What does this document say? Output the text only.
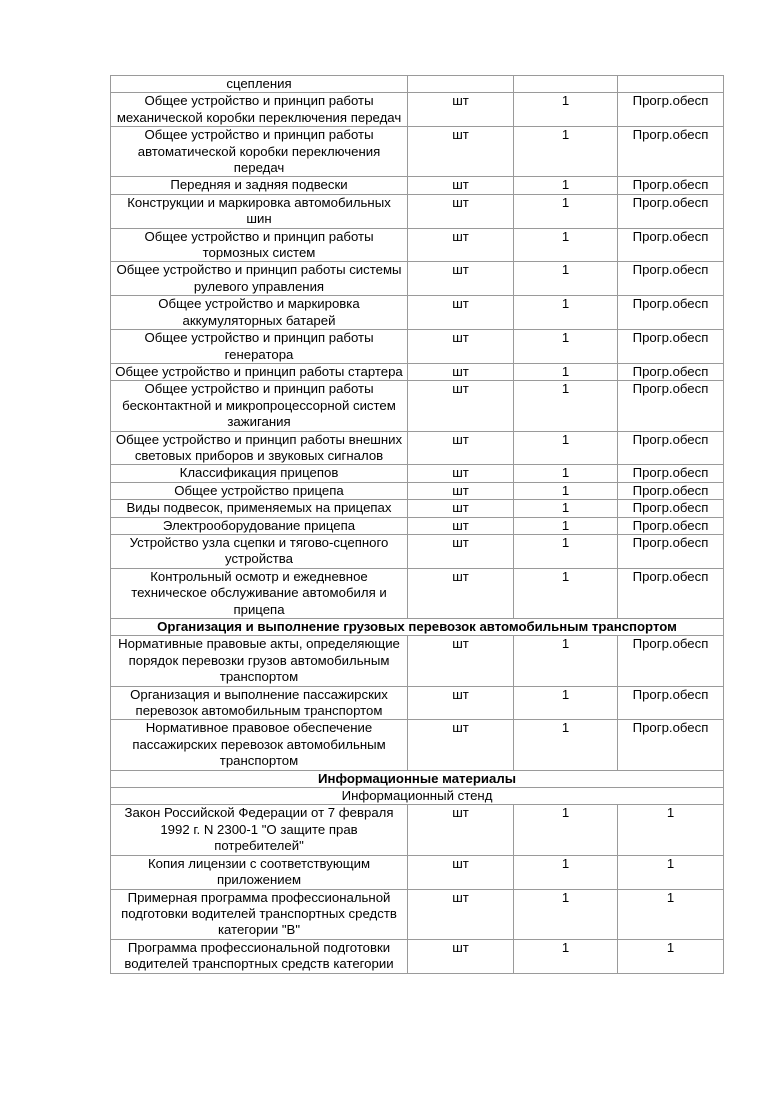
сцепления			
Общее устройство и принцип работы механической коробки переключения передач	шт	1	Прогр.обесп
Общее устройство и принцип работы автоматической коробки переключения передач	шт	1	Прогр.обесп
Передняя и задняя подвески	шт	1	Прогр.обесп
Конструкции и маркировка автомобильных шин	шт	1	Прогр.обесп
Общее устройство и принцип работы тормозных систем	шт	1	Прогр.обесп
Общее устройство и принцип работы системы рулевого управления	шт	1	Прогр.обесп
Общее устройство и маркировка аккумуляторных батарей	шт	1	Прогр.обесп
Общее устройство и принцип работы генератора	шт	1	Прогр.обесп
Общее устройство и принцип работы стартера	шт	1	Прогр.обесп
Общее устройство и принцип работы бесконтактной и микропроцессорной систем зажигания	шт	1	Прогр.обесп
Общее устройство и принцип работы внешних световых приборов и звуковых сигналов	шт	1	Прогр.обесп
Классификация прицепов	шт	1	Прогр.обесп
Общее устройство прицепа	шт	1	Прогр.обесп
Виды подвесок, применяемых на прицепах	шт	1	Прогр.обесп
Электрооборудование прицепа	шт	1	Прогр.обесп
Устройство узла сцепки и тягово-сцепного устройства	шт	1	Прогр.обесп
Контрольный осмотр и ежедневное техническое обслуживание автомобиля и прицепа	шт	1	Прогр.обесп
Организация и выполнение грузовых перевозок автомобильным транспортом			
Нормативные правовые акты, определяющие порядок перевозки грузов автомобильным транспортом	шт	1	Прогр.обесп
Организация и выполнение пассажирских перевозок автомобильным транспортом	шт	1	Прогр.обесп
Нормативное правовое обеспечение пассажирских перевозок автомобильным транспортом	шт	1	Прогр.обесп
Информационные материалы			
Информационный стенд			
Закон Российской Федерации от 7 февраля 1992 г. N 2300-1 "О защите прав потребителей"	шт	1	1
Копия лицензии с соответствующим приложением	шт	1	1
Примерная программа профессиональной подготовки водителей транспортных средств категории "B"	шт	1	1
Программа профессиональной подготовки водителей транспортных средств категории	шт	1	1
